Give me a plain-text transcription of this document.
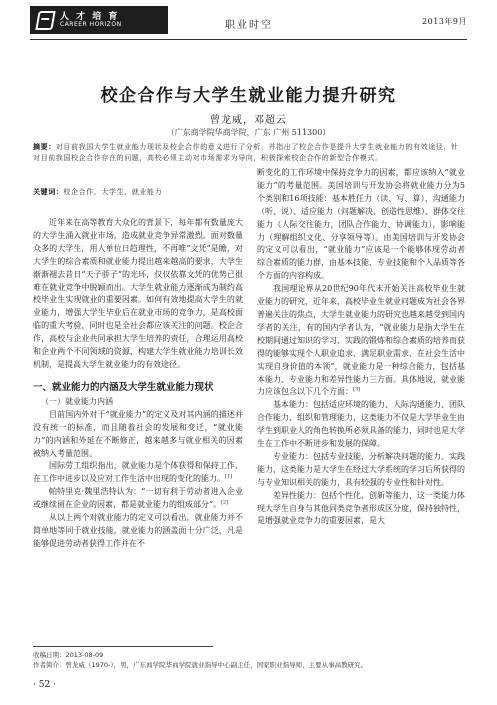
人 才 培 育
CAREER HORIZON	职业时空	2013年9月
校企合作与大学生就业能力提升研究
曾龙威，邓超云
（广东商学院华商学院，广东 广州 511300）
摘要：对目前我国大学生就业能力现状及校企合作的意义进行了分析，并指出了校企合作是提升大学生就业能力的有效途径，针对目前我国校企合作存在的问题，高校必须主动对市场需求为导向，积极探索校企合作的新型合作模式。
关键词：校企合作，大学生，就业能力

近年来在高等教育大众化的背景下，每年都有数量庞大的大学生涌入就业市场，造成就业竞争异常激烈。面对数量众多的大学生，用人单位日趋理性，不再唯“文凭”是瞻，对大学生的综合素质和就业能力提出越来越高的要求，大学生渐渐褪去昔日“天子骄子”的光环，仅仅依靠文凭的优势已很难在就业竞争中脱颖而出。大学生就业能力逐渐成为制约高校毕业生实现就业的重要因素。如何有效地提高大学生的就业能力，增强大学生毕业后在就业市场的竞争力，是高校面临的重大考验，同时也是全社会都应该关注的问题。校企合作，高校与企业共同承担大学生培养的责任，合理运用高校和企业两个不同领域的资源，构建大学生就业能力培训长效机制，是提高大学生就业能力的有效途径。

一、就业能力的内涵及大学生就业能力现状
（一）就业能力内涵

目前国内外对于“就业能力”的定义及对其内涵的描述并没有统一的标准，而且随着社会的发展和变迁，“就业能力”的内涵和外延在不断修正，越来越多与就业相关的因素被纳入考量范围。

国际劳工组织指出，就业能力是个体获得和保持工作、在工作中进步以及应对工作生活中出现的变化的能力。[1]

帕特里克·魏里浩特认为：“一切有利于劳动者进入企业或继续留在企业的因素，都是就业能力的组成部分”。[2]

从以上两个对就业能力的定义可以看出，就业能力并不简单地等同于就业技能，就业能力的涵盖面十分广泛，凡是能够促进劳动者获得工作并在不

断变化的工作环境中保持竞争力的因素，都应该纳入“就业能力”的考量范围。美国培训与开发协会将就业能力分为5个类别和16项技能：基本胜任力（读、写、算）、沟通能力（听、说）、适应能力（问题解决、创造性思维）、群体交往能力（人际交往能力，团队合作能力、协调能力），影响能力（理解组织文化、分享领导等）。由美国培训与开发协会的定义可以看出，“就业能力”应该是一个能够体现劳动者综合素质的能力群，由基本技能、专业技能和个人品质等各个方面的内容构成。

我国理论界从20世纪90年代末开始关注高校毕业生就业能力的研究，近年来，高校毕业生就业问题成为社会各界普遍关注的焦点，大学生就业能力的研究也越来越受到国内学者的关注，有的国内学者认为，“就业能力是指大学生在校期间通过知识的学习、实践的锻炼和综合素质的培养而获得的能够实现个人职业追求、满足职业需求、在社会生活中实现自身价值的本领”，就业能力是一种综合能力，包括基本能力、专业能力和差异性能力三方面。具体地说，就业能力应该包含以下几个方面：[3]

基本能力：包括适应环境的能力、人际沟通能力、团队合作能力、组织和管理能力，这类能力不仅是大学毕业生由学生到职业人的角色转换所必须具备的能力，同时也是大学生在工作中不断进步和发展的保障。

专业能力：包括专业技能、分析解决问题的能力、实践能力，这类能力是大学生在经过大学系统的学习后所获得的与专业知识相关的能力，具有较强的专业性和针对性。

差异性能力：包括个性化、创新等能力，这一类能力体现大学生自身与其他同类竞争者形成区分度，保持独特性，是增强就业竞争力的重要因素，是大

收稿日期：2013-08-09
作者简介：曾龙威（1970-），男，广东商学院华商学院就业指导中心副主任，国家职业指导师，主要从事高教研究。
· 52 ·
